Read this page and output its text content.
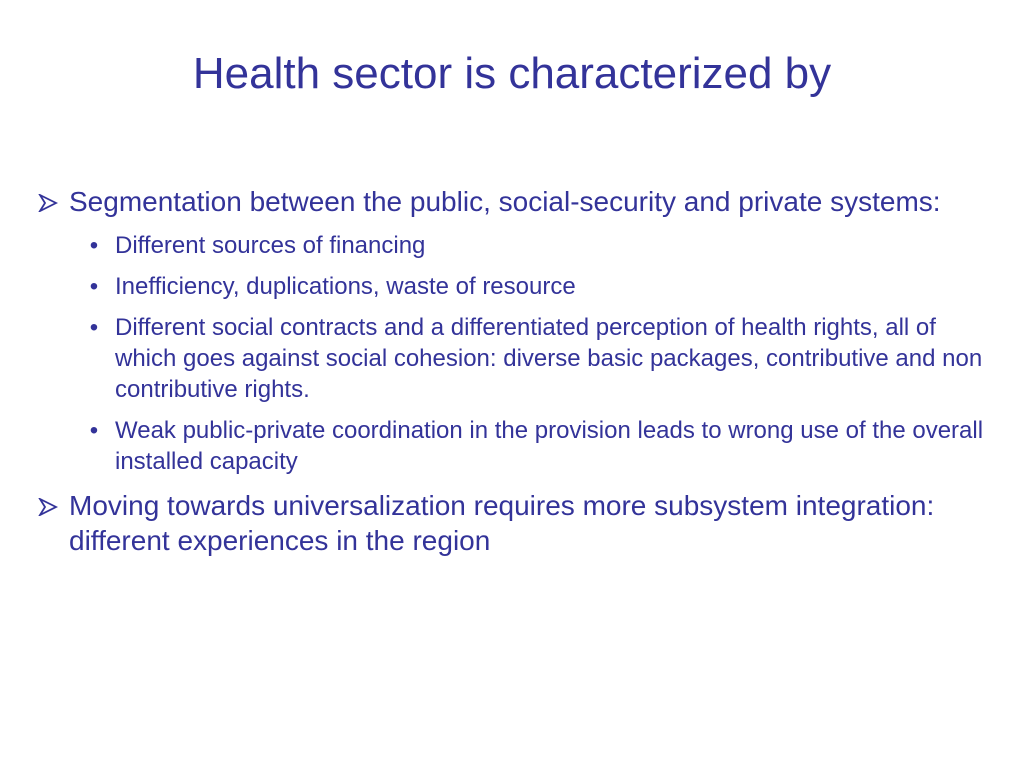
Health sector is characterized by
Segmentation between the public, social-security and private systems:
• Different sources of financing
• Inefficiency, duplications, waste of resource
• Different social contracts and a differentiated perception of health rights, all of which goes against social cohesion: diverse basic packages, contributive and non contributive rights.
• Weak public-private coordination in the provision leads to wrong use of the overall installed capacity
Moving towards universalization requires more subsystem integration: different experiences in the region
